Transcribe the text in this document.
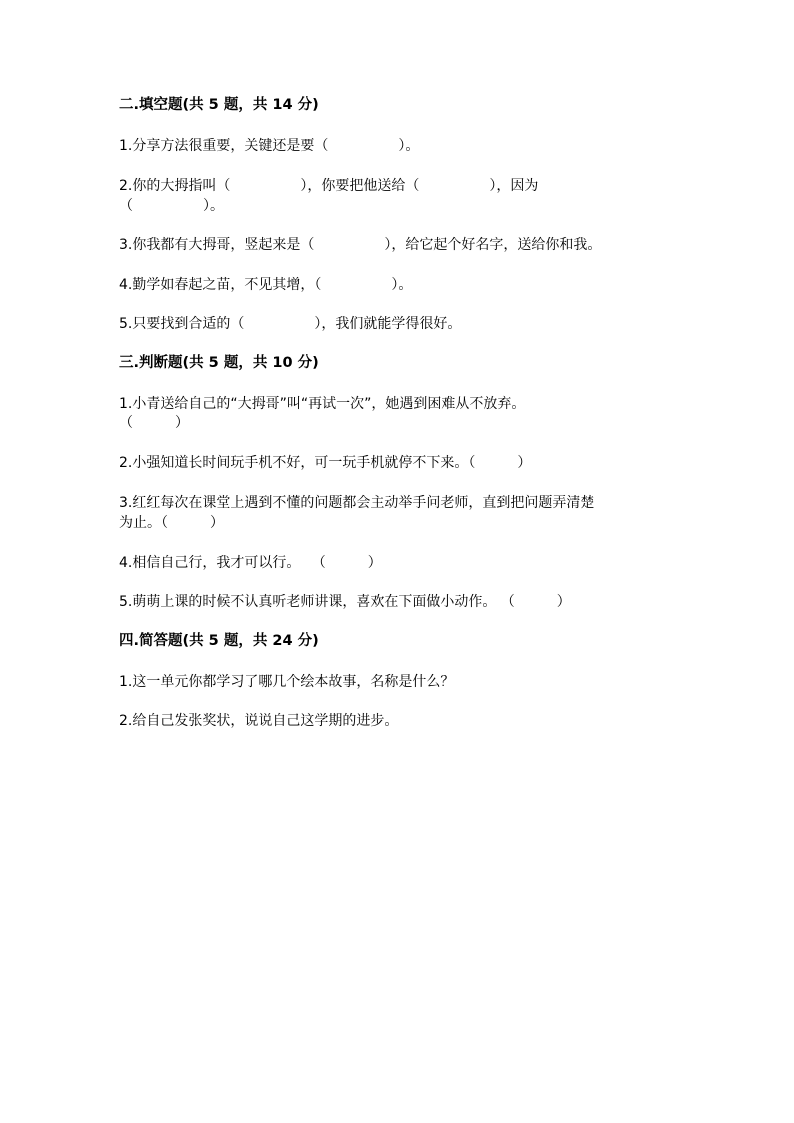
二.填空题(共 5 题，共 14 分)

1.分享方法很重要，关键还是要（　　　　　）。

2.你的大拇指叫（　　　　　），你要把他送给（　　　　　），因为

（　　　　　）。

3.你我都有大拇哥，竖起来是（　　　　　），给它起个好名字，送给你和我。

4.勤学如春起之苗，不见其增，（　　　　　）。

5.只要找到合适的（　　　　　），我们就能学得很好。

三.判断题(共 5 题，共 10 分)

1.小青送给自己的“大拇哥”叫“再试一次”，她遇到困难从不放弃。

（　　　）

2.小强知道长时间玩手机不好，可一玩手机就停不下来。（　　　）

3.红红每次在课堂上遇到不懂的问题都会主动举手问老师，直到把问题弄清楚

为止。（　　　）

4.相信自己行，我才可以行。　 （　　　）

5.萌萌上课的时候不认真听老师讲课，喜欢在下面做小动作。 （　　　）

四.简答题(共 5 题，共 24 分)

1.这一单元你都学习了哪几个绘本故事，名称是什么？

2.给自己发张奖状，说说自己这学期的进步。
